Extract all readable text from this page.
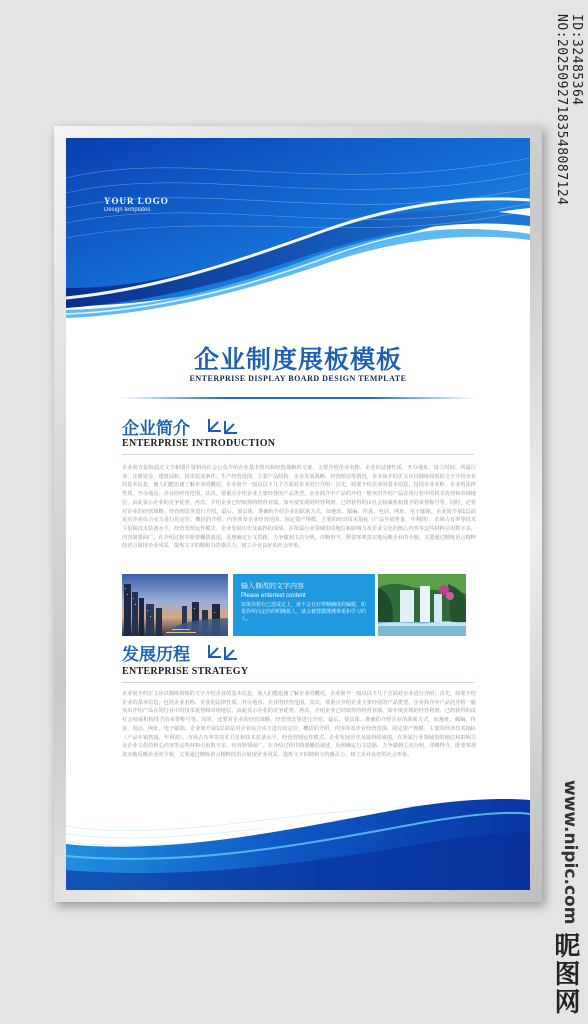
ID:32485364 NO:20250927183548087124
www.nipic.com
昵图网
YOUR LOGO
Design templates
企业制度展板模板
ENTERPRISE DISPLAY BOARD DESIGN TEMPLATE
企业简介
ENTERPRISE INTRODUCTION
企业简介是指通过文字和图片资料向社会公众介绍企业基本情况和经营战略的文案。主要介绍企业名称、企业的法律性质、开办地址、设立时间、所属行业、注册资金、建筑面积、技术装备条件、生产经营范围、主要产品结构、企业发展战略、经营理念等情况。企业简介的正文应以精练简短的文字介绍企业的基本信息，使人们能迅速了解企业的概况。企业简介一般以以下几个方面对企业进行介绍：首先，简要介绍企业的基本信息，包括企业名称、企业的法律性质、开办地点、企业的经营范围。其次，要重点介绍企业主要经营的产品类型。企业简介中产品的介绍一般突出介绍产品在同行业中的技术优势和市场地位，由此显示企业的竞争优势。再次，介绍企业已经取得的经营业绩，如年度实现的经营利润、已经获得的由社会权威机构授予的荣誉称号等。同时，还要对企业的经营战略、经营理念等进行介绍。最后，要具体、准确的介绍企业的联系方式，如地址、邮编、传真、电话、网址、电子邮箱。企业简介第1层面是对企业综合实力进行的定位，概括的介绍，内容涉及企业经营范围、固定资产规模、主要的经济技术指标（产品年销售量、年利润）、市场占有率等技术卫星和技术装备水平，经营管理运作模式。企业发展历史及取得的成绩，在所属行业领域里的地位和影响力及企业文化的核心内容等这些材料引用数字多，内容简要面广。在介绍过程中简要概括叙述，反理确定行文思路，力争做到主次分明，详略得当，既要客观真实地反映企业的全貌，又要通过精练语言精粹的语言展现企业风采，提炼文字的精和力的感召力，树立企业良好的社会形象。
输入修改的文字内容
Please entertext content
知果你想在已选成定上，就不会有好得精确度的编题。如果你所向定的的明确靠人，就会被替做捶捶尊重和学习的人。
发展历程
ENTERPRISE STRATEGY
企业简介的正文应以精练简短的文字介绍企业的基本信息，使人们能迅速了解企业的概况。企业简介一般以以下几个方面对企业进行介绍：首先，简要介绍企业的基本信息，包括企业名称、企业的法律性质、开办地点、企业的经营范围。其次，要重点介绍企业主要经营的产品类型。企业简介中产品的介绍一般突出介绍产品在同行业中的技术优势和市场地位，由此显示企业的竞争优势。再次，介绍企业已经取得的经营业绩，如年度实现的经营利润、已经获得的由社会权威机构授予的荣誉称号等。同时，还要对企业的经营战略、经营理念等进行介绍。最后，要具体、准确的介绍企业的联系方式，如地址、邮编、传真、电话、网址、电子邮箱。企业简介第1层面是对企业综合实力进行的定位，概括的介绍，内容涉及企业经营范围、固定资产规模、主要的经济技术指标（产品年销售量、年利润）、市场占有率等技术卫星和技术装备水平，经营管理运作模式。企业发展历史及取得的成绩，在所属行业领域里的地位和影响力及企业文化的核心内容等这些材料引用数字多，内容简要面广。在介绍过程中简要概括叙述，反理确定行文思路，力争做到主次分明，详略得当，既要客观真实地反映企业的全貌，又要通过精练语言精粹的语言展现企业风采，提炼文字的精和力的感召力，树立企业良好的社会形象。
